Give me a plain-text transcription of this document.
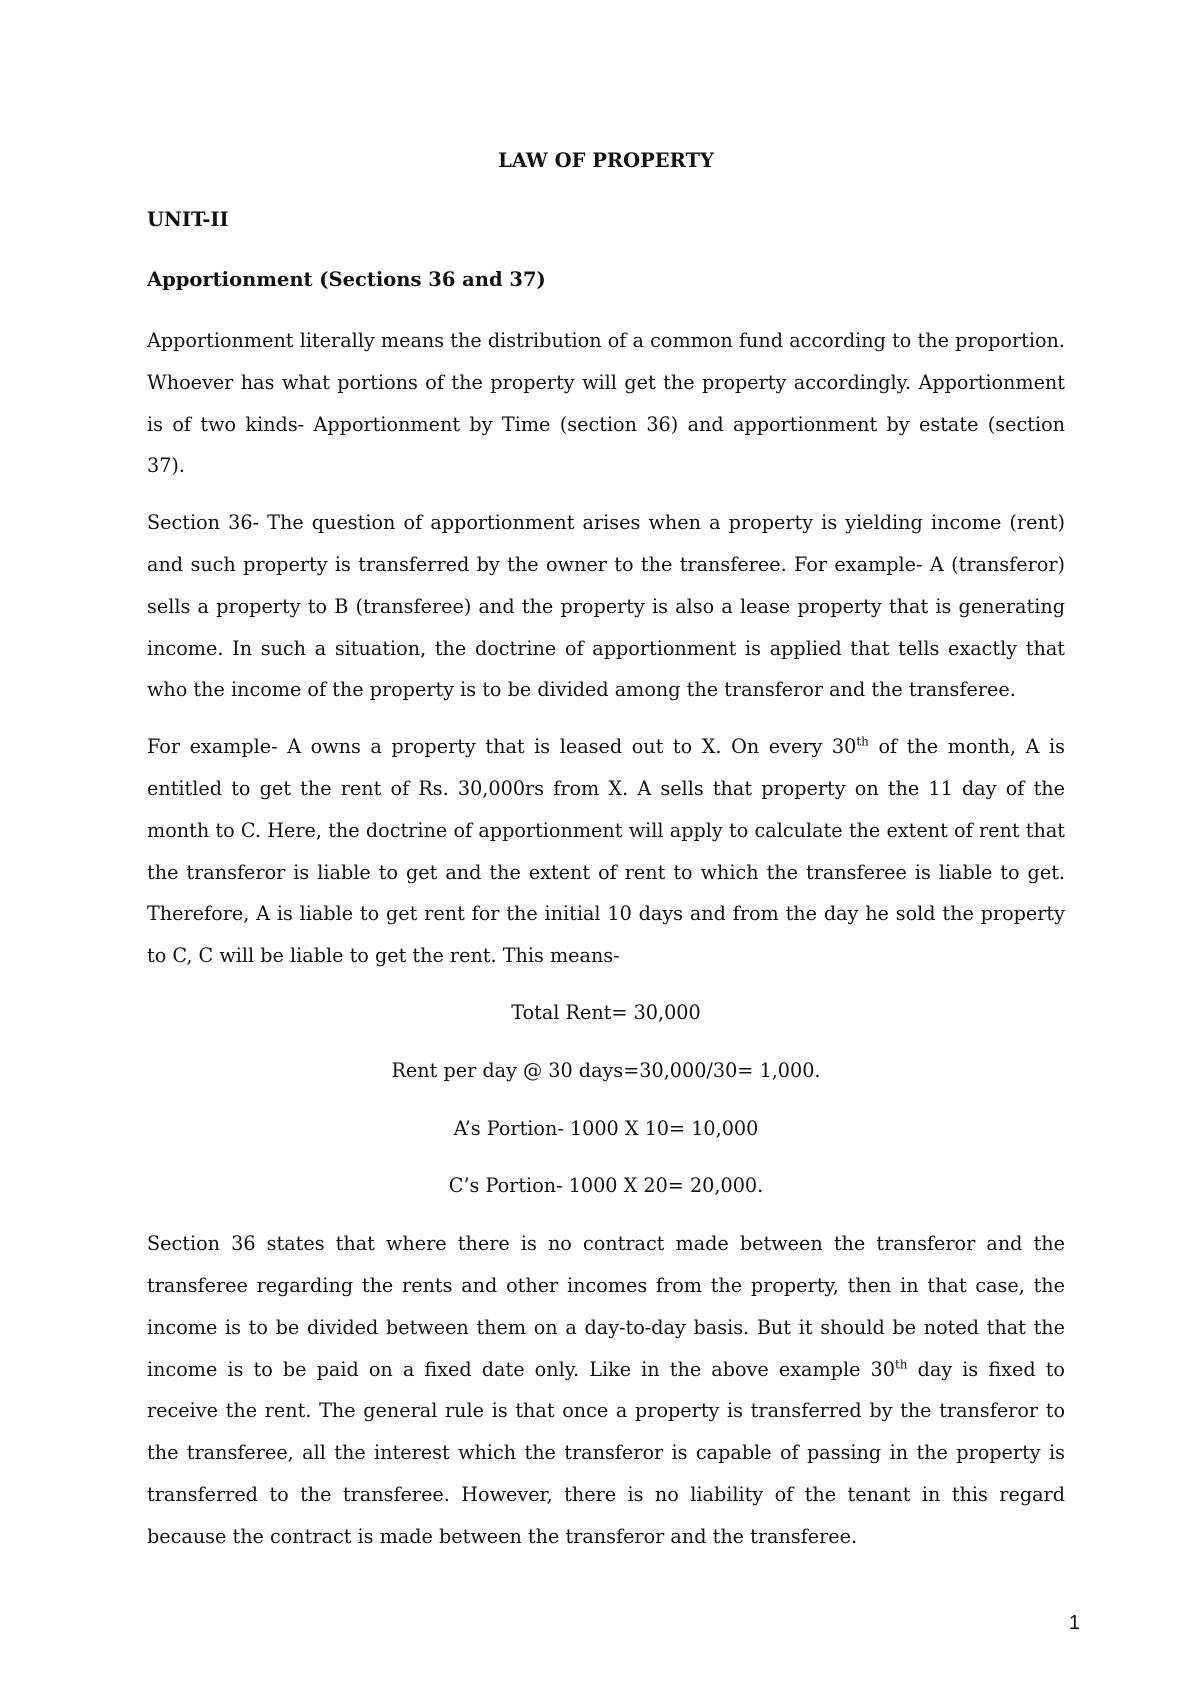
LAW OF PROPERTY
UNIT-II
Apportionment (Sections 36 and 37)

Apportionment literally means the distribution of a common fund according to the proportion. Whoever has what portions of the property will get the property accordingly. Apportionment is of two kinds- Apportionment by Time (section 36) and apportionment by estate (section 37).

Section 36- The question of apportionment arises when a property is yielding income (rent) and such property is transferred by the owner to the transferee. For example- A (transferor) sells a property to B (transferee) and the property is also a lease property that is generating income. In such a situation, the doctrine of apportionment is applied that tells exactly that who the income of the property is to be divided among the transferor and the transferee.

For example- A owns a property that is leased out to X. On every 30th of the month, A is entitled to get the rent of Rs. 30,000rs from X. A sells that property on the 11 day of the month to C. Here, the doctrine of apportionment will apply to calculate the extent of rent that the transferor is liable to get and the extent of rent to which the transferee is liable to get. Therefore, A is liable to get rent for the initial 10 days and from the day he sold the property to C, C will be liable to get the rent. This means-

Total Rent= 30,000
Rent per day @ 30 days=30,000/30= 1,000.
A’s Portion- 1000 X 10= 10,000
C’s Portion- 1000 X 20= 20,000.

Section 36 states that where there is no contract made between the transferor and the transferee regarding the rents and other incomes from the property, then in that case, the income is to be divided between them on a day-to-day basis. But it should be noted that the income is to be paid on a fixed date only. Like in the above example 30th day is fixed to receive the rent. The general rule is that once a property is transferred by the transferor to the transferee, all the interest which the transferor is capable of passing in the property is transferred to the transferee. However, there is no liability of the tenant in this regard because the contract is made between the transferor and the transferee.

1
